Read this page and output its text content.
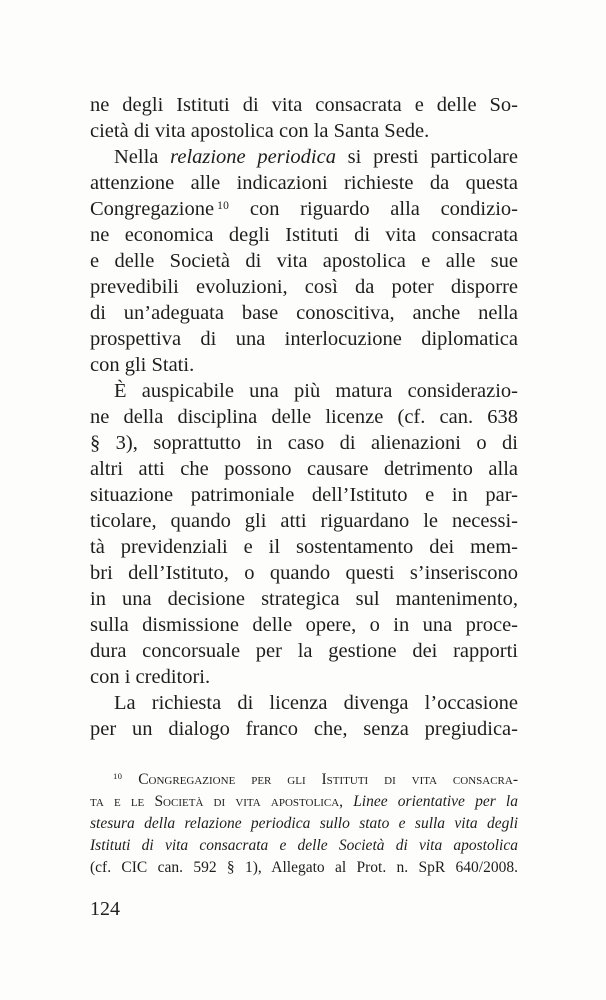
ne degli Istituti di vita consacrata e delle So-
cietà di vita apostolica con la Santa Sede.
Nella relazione periodica si presti particolare
attenzione alle indicazioni richieste da questa
Congregazione $^{10}$ con riguardo alla condizio-
ne economica degli Istituti di vita consacrata
e delle Società di vita apostolica e alle sue
prevedibili evoluzioni, così da poter disporre
di un’adeguata base conoscitiva, anche nella
prospettiva di una interlocuzione diplomatica
con gli Stati.
È auspicabile una più matura considerazio-
ne della disciplina delle licenze (cf. can. 638
§ 3), soprattutto in caso di alienazioni o di
altri atti che possono causare detrimento alla
situazione patrimoniale dell’Istituto e in par-
ticolare, quando gli atti riguardano le necessi-
tà previdenziali e il sostentamento dei mem-
bri dell’Istituto, o quando questi s’inseriscono
in una decisione strategica sul mantenimento,
sulla dismissione delle opere, o in una proce-
dura concorsuale per la gestione dei rapporti
con i creditori.
La richiesta di licenza divenga l’occasione
per un dialogo franco che, senza pregiudica-
$^{10}$ Congregazione per gli Istituti di vita consacra-
ta e le Società di vita apostolica, Linee orientative per la
stesura della relazione periodica sullo stato e sulla vita degli
Istituti di vita consacrata e delle Società di vita apostolica
(cf. CIC can. 592 § 1), Allegato al Prot. n. SpR 640/2008.
124
